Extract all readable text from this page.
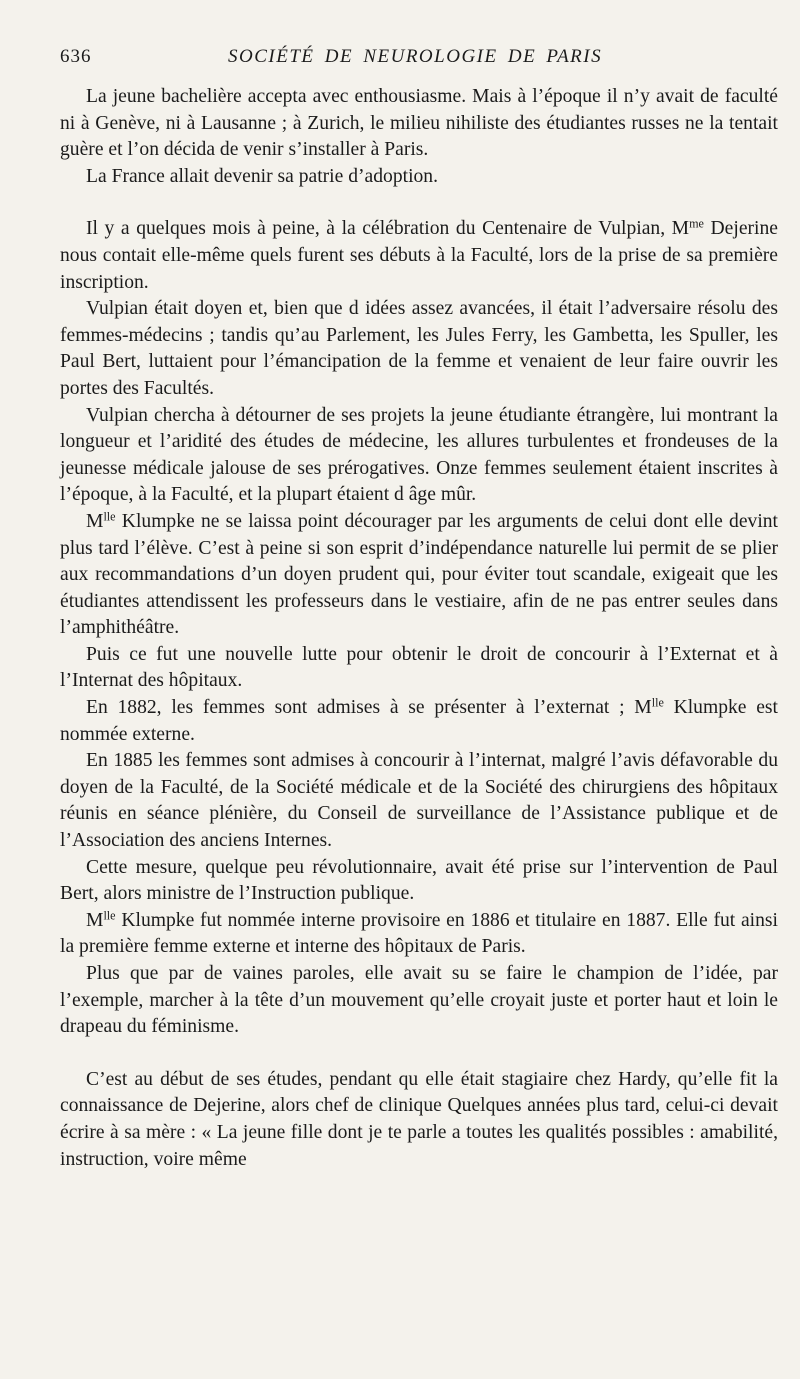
636	SOCIÉTÉ DE NEUROLOGIE DE PARIS

La jeune bachelière accepta avec enthousiasme. Mais à l’époque il n’y avait de faculté ni à Genève, ni à Lausanne ; à Zurich, le milieu nihiliste des étudiantes russes ne la tentait guère et l’on décida de venir s’installer à Paris.

La France allait devenir sa patrie d’adoption.

Il y a quelques mois à peine, à la célébration du Centenaire de Vulpian, $M^{me}$ Dejerine nous contait elle-même quels furent ses débuts à la Faculté, lors de la prise de sa première inscription.

Vulpian était doyen et, bien que d idées assez avancées, il était l’adversaire résolu des femmes-médecins ; tandis qu’au Parlement, les Jules Ferry, les Gambetta, les Spuller, les Paul Bert, luttaient pour l’émancipation de la femme et venaient de leur faire ouvrir les portes des Facultés.

Vulpian chercha à détourner de ses projets la jeune étudiante étrangère, lui montrant la longueur et l’aridité des études de médecine, les allures turbulentes et frondeuses de la jeunesse médicale jalouse de ses prérogatives. Onze femmes seulement étaient inscrites à l’époque, à la Faculté, et la plupart étaient d âge mûr.

$M^{lle}$ Klumpke ne se laissa point décourager par les arguments de celui dont elle devint plus tard l’élève. C’est à peine si son esprit d’indépendance naturelle lui permit de se plier aux recommandations d’un doyen prudent qui, pour éviter tout scandale, exigeait que les étudiantes attendissent les professeurs dans le vestiaire, afin de ne pas entrer seules dans l’amphithéâtre.

Puis ce fut une nouvelle lutte pour obtenir le droit de concourir à l’Externat et à l’Internat des hôpitaux.

En 1882, les femmes sont admises à se présenter à l’externat ; $M^{lle}$ Klumpke est nommée externe.

En 1885 les femmes sont admises à concourir à l’internat, malgré l’avis défavorable du doyen de la Faculté, de la Société médicale et de la Société des chirurgiens des hôpitaux réunis en séance plénière, du Conseil de surveillance de l’Assistance publique et de l’Association des anciens Internes.

Cette mesure, quelque peu révolutionnaire, avait été prise sur l’intervention de Paul Bert, alors ministre de l’Instruction publique.

$M^{lle}$ Klumpke fut nommée interne provisoire en 1886 et titulaire en 1887. Elle fut ainsi la première femme externe et interne des hôpitaux de Paris.

Plus que par de vaines paroles, elle avait su se faire le champion de l’idée, par l’exemple, marcher à la tête d’un mouvement qu’elle croyait juste et porter haut et loin le drapeau du féminisme.

C’est au début de ses études, pendant qu elle était stagiaire chez Hardy, qu’elle fit la connaissance de Dejerine, alors chef de clinique Quelques années plus tard, celui-ci devait écrire à sa mère : « La jeune fille dont je te parle a toutes les qualités possibles : amabilité, instruction, voire même
